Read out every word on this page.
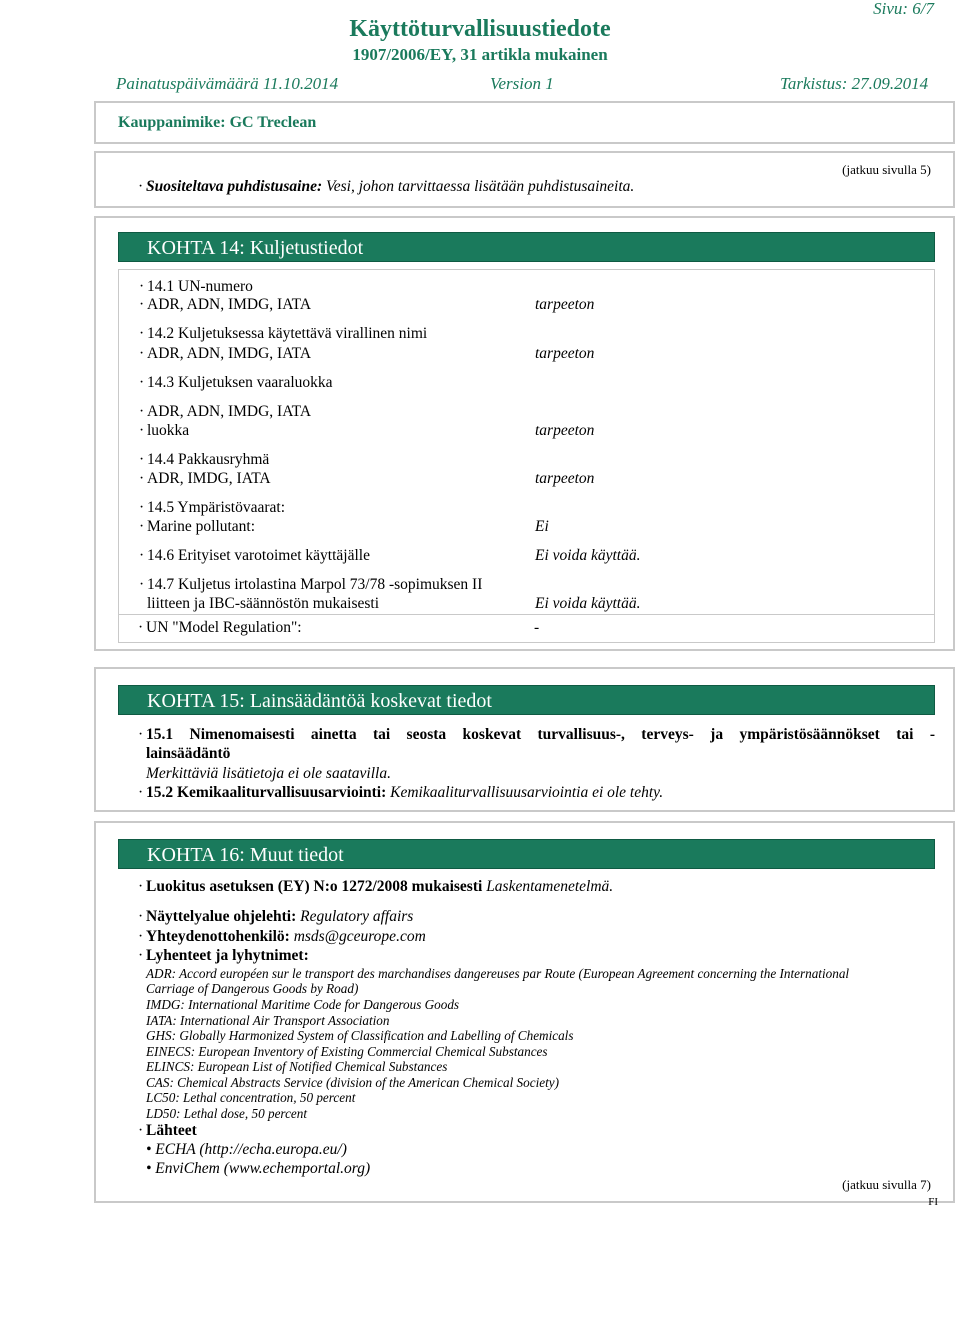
Sivu: 6/7
Käyttöturvallisuustiedote
1907/2006/EY, 31 artikla mukainen
Painatuspäivämäärä 11.10.2014	Version 1	Tarkistus: 27.09.2014
Kauppanimike: GC Treclean
(jatkuu sivulla 5)
· Suositeltava puhdistusaine: Vesi, johon tarvittaessa lisätään puhdistusaineita.
KOHTA 14: Kuljetustiedot
· 14.1 UN-numero
· ADR, ADN, IMDG, IATA	tarpeeton
· 14.2 Kuljetuksessa käytettävä virallinen nimi
· ADR, ADN, IMDG, IATA	tarpeeton
· 14.3 Kuljetuksen vaaraluokka
· ADR, ADN, IMDG, IATA
· luokka	tarpeeton
· 14.4 Pakkausryhmä
· ADR, IMDG, IATA	tarpeeton
· 14.5 Ympäristövaarat:
· Marine pollutant:	Ei
· 14.6 Erityiset varotoimet käyttäjälle	Ei voida käyttää.
· 14.7 Kuljetus irtolastina Marpol 73/78 -sopimuksen II
liitteen ja IBC-säännöstön mukaisesti	Ei voida käyttää.
· UN "Model Regulation":	-
KOHTA 15: Lainsäädäntöä koskevat tiedot
· 15.1 Nimenomaisesti ainetta tai seosta koskevat turvallisuus-, terveys- ja ympäristösäännökset tai -
lainsäädäntö
Merkittäviä lisätietoja ei ole saatavilla.
· 15.2 Kemikaaliturvallisuusarviointi: Kemikaaliturvallisuusarviointia ei ole tehty.
KOHTA 16: Muut tiedot
· Luokitus asetuksen (EY) N:o 1272/2008 mukaisesti Laskentamenetelmä.
· Näyttelyalue ohjelehti: Regulatory affairs
· Yhteydenottohenkilö: msds@gceurope.com
· Lyhenteet ja lyhytnimet:
ADR: Accord européen sur le transport des marchandises dangereuses par Route (European Agreement concerning the International
Carriage of Dangerous Goods by Road)
IMDG: International Maritime Code for Dangerous Goods
IATA: International Air Transport Association
GHS: Globally Harmonized System of Classification and Labelling of Chemicals
EINECS: European Inventory of Existing Commercial Chemical Substances
ELINCS: European List of Notified Chemical Substances
CAS: Chemical Abstracts Service (division of the American Chemical Society)
LC50: Lethal concentration, 50 percent
LD50: Lethal dose, 50 percent
· Lähteet
• ECHA (http://echa.europa.eu/)
• EnviChem (www.echemportal.org)
(jatkuu sivulla 7)
FI
